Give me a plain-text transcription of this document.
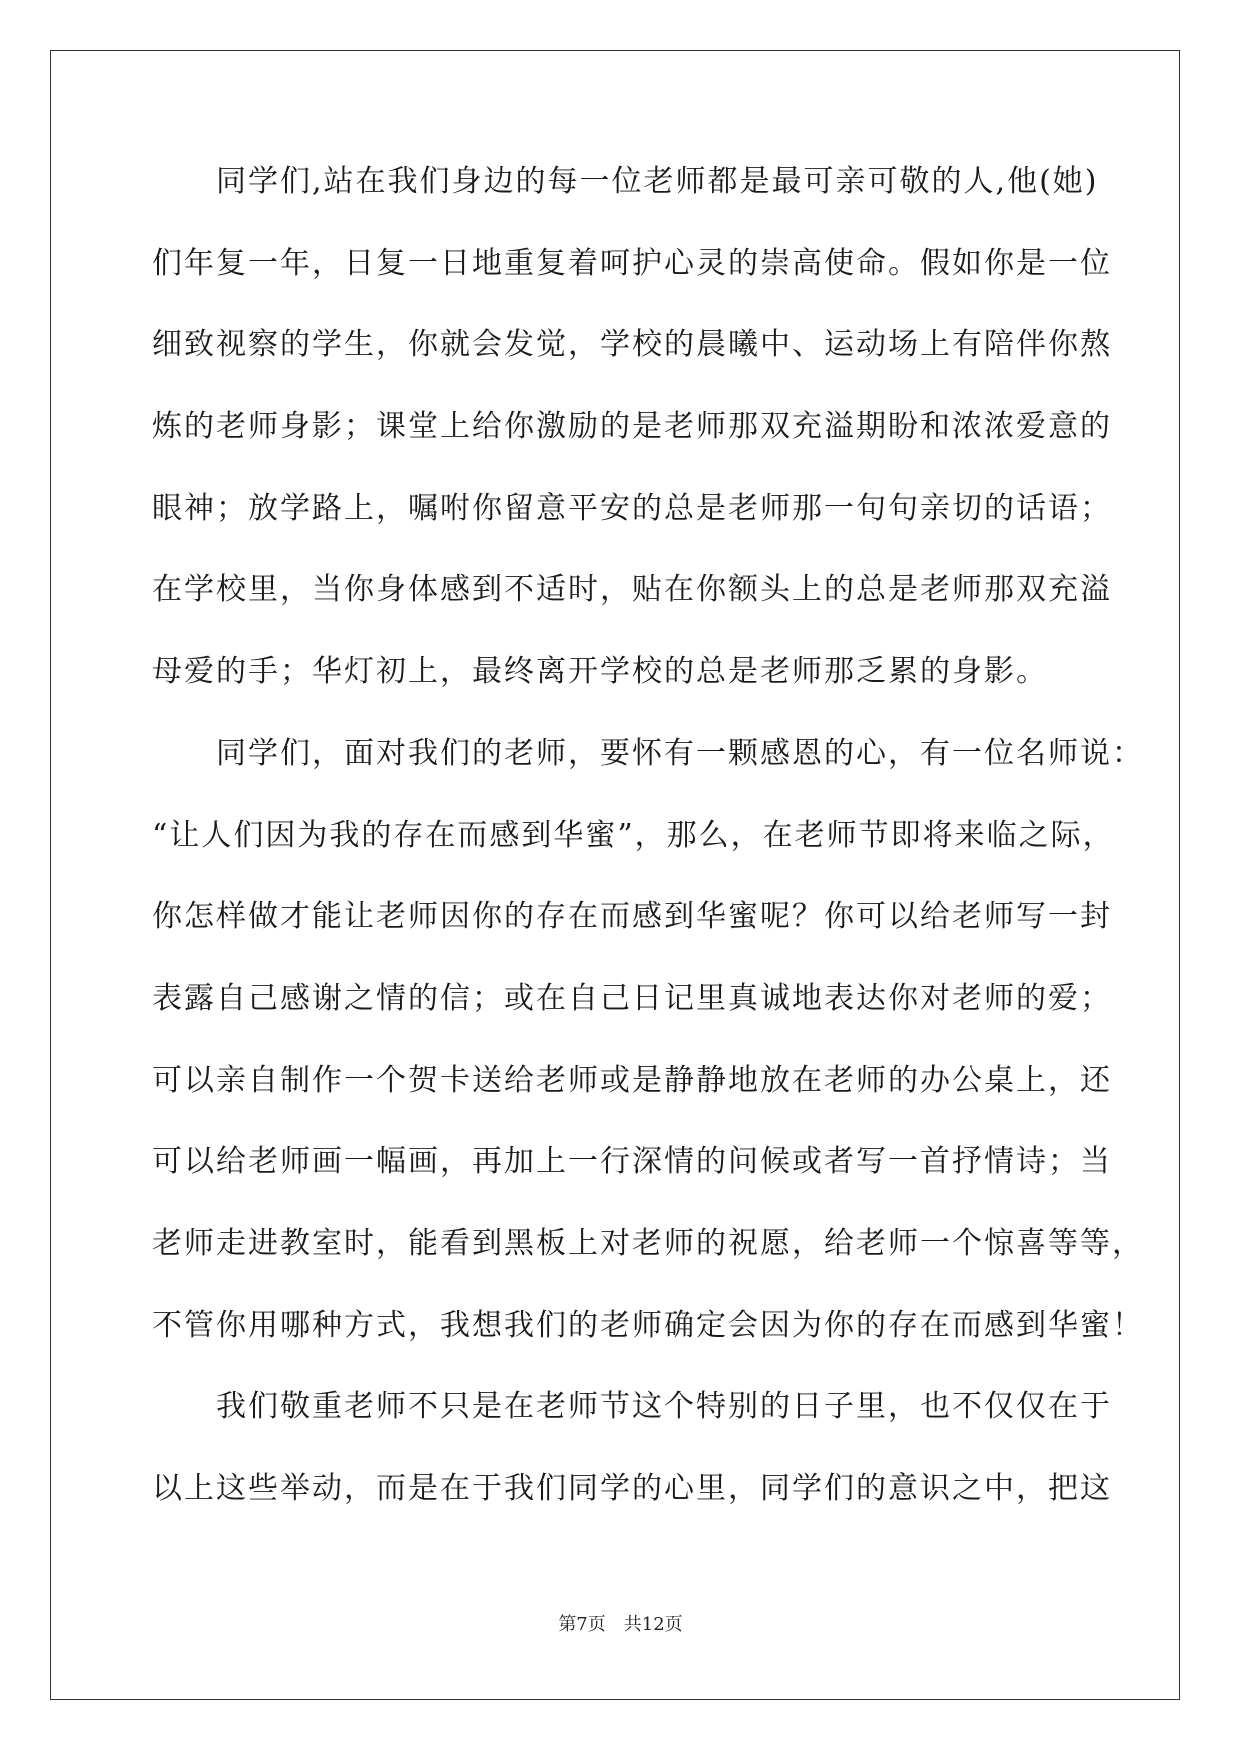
同学们,站在我们身边的每一位老师都是最可亲可敬的人,他(她)
们年复一年，日复一日地重复着呵护心灵的崇高使命。假如你是一位
细致视察的学生，你就会发觉，学校的晨曦中、运动场上有陪伴你熬
炼的老师身影；课堂上给你激励的是老师那双充溢期盼和浓浓爱意的
眼神；放学路上，嘱咐你留意平安的总是老师那一句句亲切的话语；
在学校里，当你身体感到不适时，贴在你额头上的总是老师那双充溢
母爱的手；华灯初上，最终离开学校的总是老师那乏累的身影。
同学们，面对我们的老师，要怀有一颗感恩的心，有一位名师说：
“让人们因为我的存在而感到华蜜”，那么，在老师节即将来临之际，
你怎样做才能让老师因你的存在而感到华蜜呢？你可以给老师写一封
表露自己感谢之情的信；或在自己日记里真诚地表达你对老师的爱；
可以亲自制作一个贺卡送给老师或是静静地放在老师的办公桌上，还
可以给老师画一幅画，再加上一行深情的问候或者写一首抒情诗；当
老师走进教室时，能看到黑板上对老师的祝愿，给老师一个惊喜等等，
不管你用哪种方式，我想我们的老师确定会因为你的存在而感到华蜜！
我们敬重老师不只是在老师节这个特别的日子里，也不仅仅在于
以上这些举动，而是在于我们同学的心里，同学们的意识之中，把这
第7页　共12页
